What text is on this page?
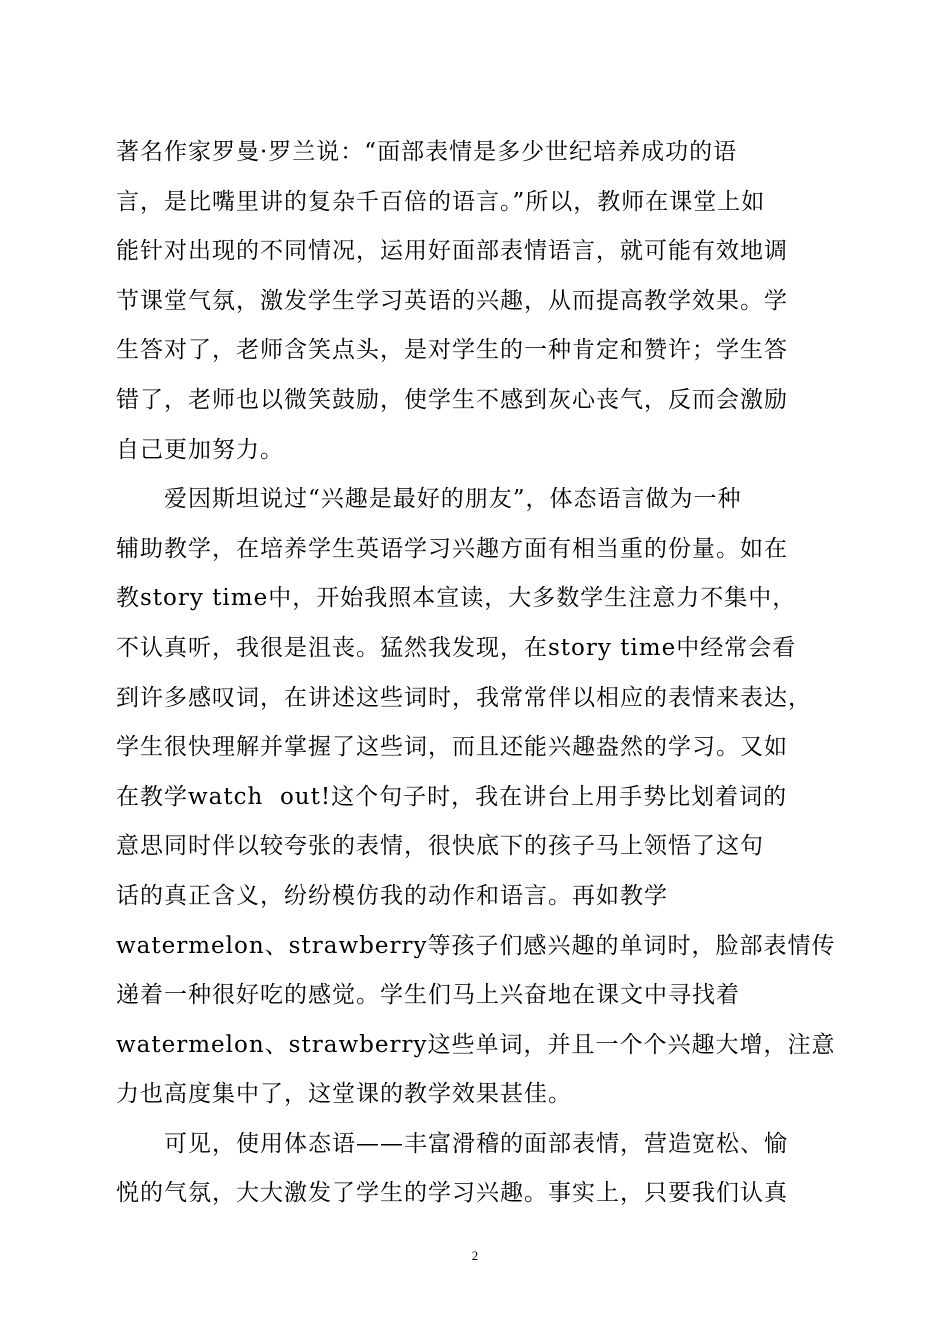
著名作家罗曼·罗兰说：“面部表情是多少世纪培养成功的语
言，是比嘴里讲的复杂千百倍的语言。”所以，教师在课堂上如
能针对出现的不同情况，运用好面部表情语言，就可能有效地调
节课堂气氛，激发学生学习英语的兴趣，从而提高教学效果。学
生答对了，老师含笑点头，是对学生的一种肯定和赞许；学生答
错了，老师也以微笑鼓励，使学生不感到灰心丧气，反而会激励
自己更加努力。
　　爱因斯坦说过“兴趣是最好的朋友”，体态语言做为一种
辅助教学，在培养学生英语学习兴趣方面有相当重的份量。如在
教story time中，开始我照本宣读，大多数学生注意力不集中，
不认真听，我很是沮丧。猛然我发现，在story time中经常会看
到许多感叹词，在讲述这些词时，我常常伴以相应的表情来表达，
学生很快理解并掌握了这些词，而且还能兴趣盎然的学习。又如
在教学watch  out!这个句子时，我在讲台上用手势比划着词的
意思同时伴以较夸张的表情，很快底下的孩子马上领悟了这句
话的真正含义，纷纷模仿我的动作和语言。再如教学
watermelon、strawberry等孩子们感兴趣的单词时，脸部表情传
递着一种很好吃的感觉。学生们马上兴奋地在课文中寻找着
watermelon、strawberry这些单词，并且一个个兴趣大增，注意
力也高度集中了，这堂课的教学效果甚佳。
　　可见，使用体态语——丰富滑稽的面部表情，营造宽松、愉
悦的气氛，大大激发了学生的学习兴趣。事实上，只要我们认真
2
